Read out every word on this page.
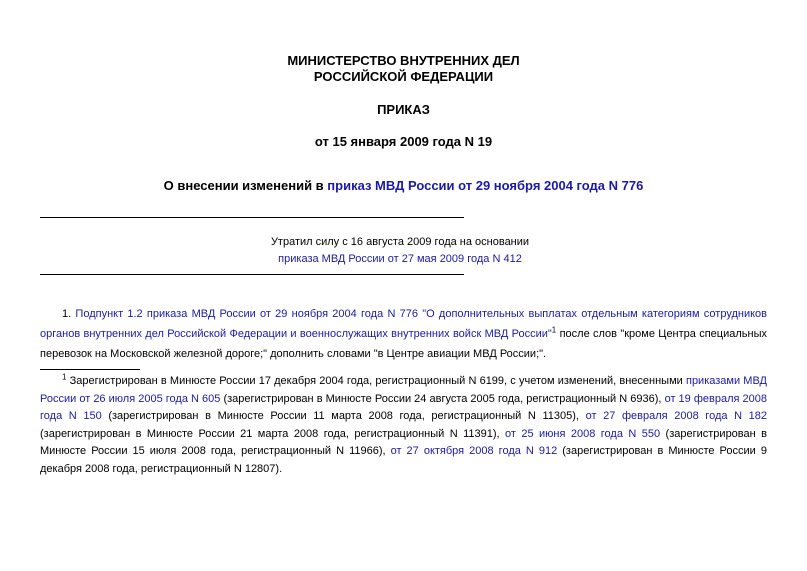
МИНИСТЕРСТВО ВНУТРЕННИХ ДЕЛ
РОССИЙСКОЙ ФЕДЕРАЦИИ
ПРИКАЗ
от 15 января 2009 года N 19
О внесении изменений в приказ МВД России от 29 ноября 2004 года N 776
Утратил силу с 16 августа 2009 года на основании
приказа МВД России от 27 мая 2009 года N 412
1. Подпункт 1.2 приказа МВД России от 29 ноября 2004 года N 776 "О дополнительных выплатах отдельным категориям сотрудников органов внутренних дел Российской Федерации и военнослужащих внутренних войск МВД России"$^1$ после слов "кроме Центра специальных перевозок на Московской железной дороге;" дополнить словами "в Центре авиации МВД России;".
$^1$ Зарегистрирован в Минюсте России 17 декабря 2004 года, регистрационный N 6199, с учетом изменений, внесенными приказами МВД России от 26 июля 2005 года N 605 (зарегистрирован в Минюсте России 24 августа 2005 года, регистрационный N 6936), от 19 февраля 2008 года N 150 (зарегистрирован в Минюсте России 11 марта 2008 года, регистрационный N 11305), от 27 февраля 2008 года N 182 (зарегистрирован в Минюсте России 21 марта 2008 года, регистрационный N 11391), от 25 июня 2008 года N 550 (зарегистрирован в Минюсте России 15 июля 2008 года, регистрационный N 11966), от 27 октября 2008 года N 912 (зарегистрирован в Минюсте России 9 декабря 2008 года, регистрационный N 12807).
